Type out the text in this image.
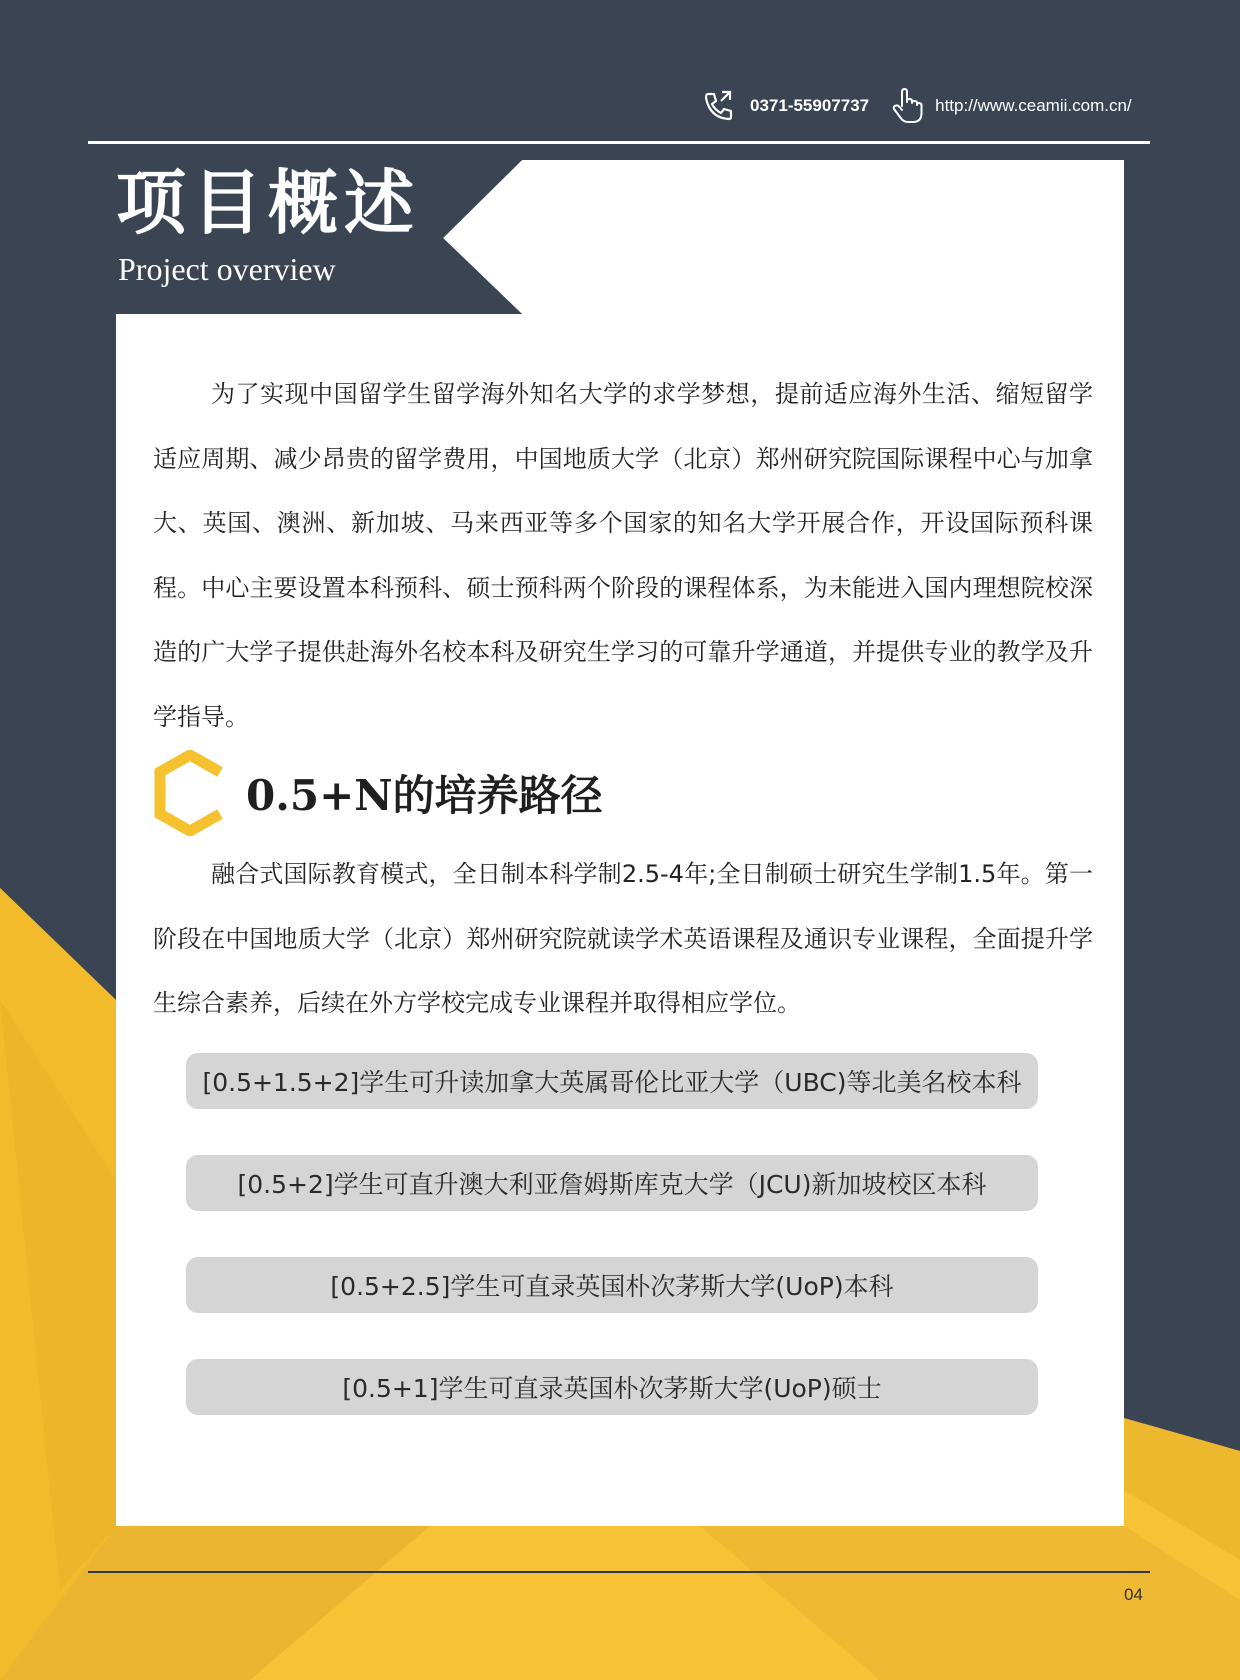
0371-55907737	http://www.ceamii.com.cn/
项目概述
Project overview

为了实现中国留学生留学海外知名大学的求学梦想，提前适应海外生活、缩短留学适应周期、减少昂贵的留学费用，中国地质大学（北京）郑州研究院国际课程中心与加拿大、英国、澳洲、新加坡、马来西亚等多个国家的知名大学开展合作，开设国际预科课程。中心主要设置本科预科、硕士预科两个阶段的课程体系，为未能进入国内理想院校深造的广大学子提供赴海外名校本科及研究生学习的可靠升学通道，并提供专业的教学及升学指导。

0.5+N的培养路径

融合式国际教育模式，全日制本科学制2.5-4年;全日制硕士研究生学制1.5年。第一阶段在中国地质大学（北京）郑州研究院就读学术英语课程及通识专业课程，全面提升学生综合素养，后续在外方学校完成专业课程并取得相应学位。

[0.5+1.5+2]学生可升读加拿大英属哥伦比亚大学（UBC)等北美名校本科
[0.5+2]学生可直升澳大利亚詹姆斯库克大学（JCU)新加坡校区本科
[0.5+2.5]学生可直录英国朴次茅斯大学(UoP)本科
[0.5+1]学生可直录英国朴次茅斯大学(UoP)硕士
04
